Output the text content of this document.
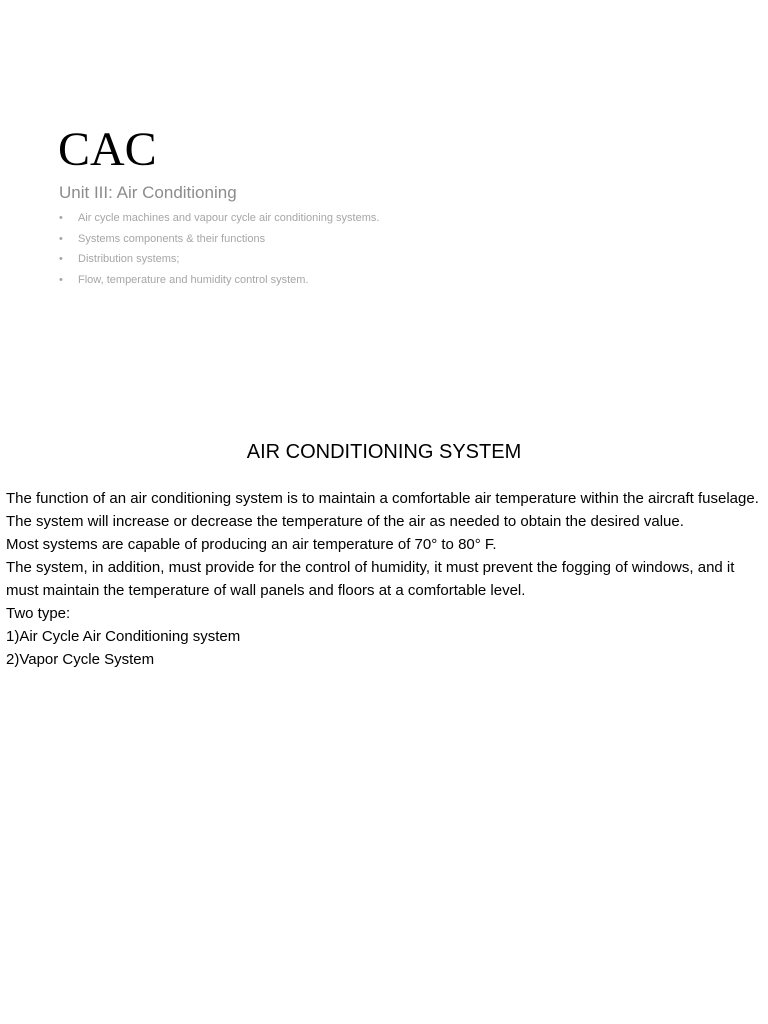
CAC
Unit III: Air Conditioning
• Air cycle machines and vapour cycle air conditioning systems.
• Systems components & their functions
• Distribution systems;
• Flow, temperature and humidity control system.
AIR CONDITIONING SYSTEM

The function of an air conditioning system is to maintain a comfortable air temperature within the aircraft fuselage.

The system will increase or decrease the temperature of the air as needed to obtain the desired value.

Most systems are capable of producing an air temperature of 70° to 80° F.

The system, in addition, must provide for the control of humidity, it must prevent the fogging of windows, and it must maintain the temperature of wall panels and floors at a comfortable level.

Two type:

1)Air Cycle Air Conditioning system

2)Vapor Cycle System
